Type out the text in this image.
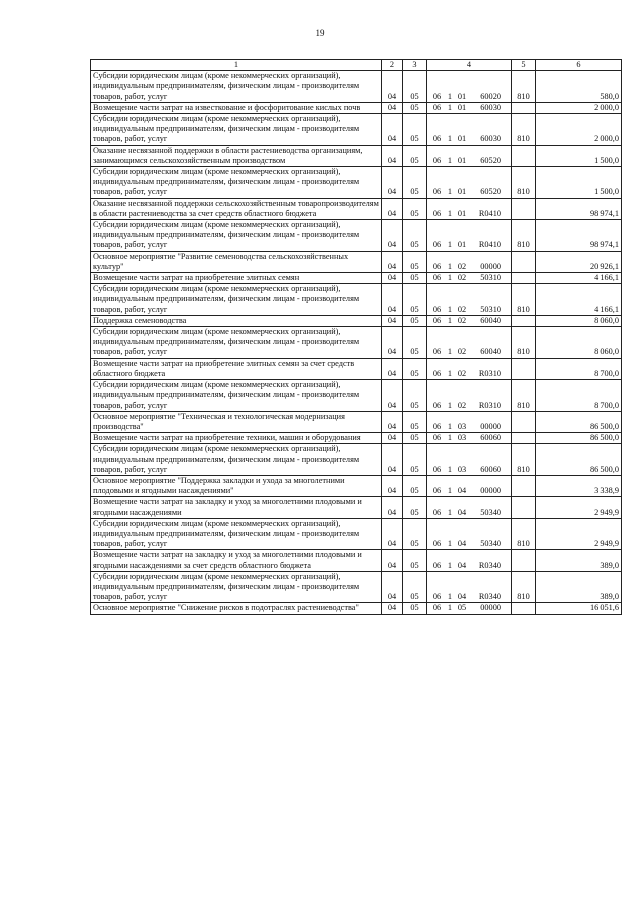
19
1	2	3	4	5	6
Субсидии юридическим лицам (кроме некоммерческих организаций), индивидуальным предпринимателям, физическим лицам - производителям товаров, работ, услуг	04	05	06 1 01 60020	810	580,0
Возмещение части затрат на известкование и фосфоритование кислых почв	04	05	06 1 01 60030		2 000,0
Субсидии юридическим лицам (кроме некоммерческих организаций), индивидуальным предпринимателям, физическим лицам - производителям товаров, работ, услуг	04	05	06 1 01 60030	810	2 000,0
Оказание несвязанной поддержки в области растениеводства организациям, занимающимся сельскохозяйственным производством	04	05	06 1 01 60520		1 500,0
Субсидии юридическим лицам (кроме некоммерческих организаций), индивидуальным предпринимателям, физическим лицам - производителям товаров, работ, услуг	04	05	06 1 01 60520	810	1 500,0
Оказание несвязанной поддержки сельскохозяйственным товаропроизводителям в области растениеводства за счет средств областного бюджета	04	05	06 1 01 R0410		98 974,1
Субсидии юридическим лицам (кроме некоммерческих организаций), индивидуальным предпринимателям, физическим лицам - производителям товаров, работ, услуг	04	05	06 1 01 R0410	810	98 974,1
Основное мероприятие "Развитие семеноводства сельскохозяйственных культур"	04	05	06 1 02 00000		20 926,1
Возмещение части затрат на приобретение элитных семян	04	05	06 1 02 50310		4 166,1
Субсидии юридическим лицам (кроме некоммерческих организаций), индивидуальным предпринимателям, физическим лицам - производителям товаров, работ, услуг	04	05	06 1 02 50310	810	4 166,1
Поддержка семеноводства	04	05	06 1 02 60040		8 060,0
Субсидии юридическим лицам (кроме некоммерческих организаций), индивидуальным предпринимателям, физическим лицам - производителям товаров, работ, услуг	04	05	06 1 02 60040	810	8 060,0
Возмещение части затрат на приобретение элитных семян за счет средств областного бюджета	04	05	06 1 02 R0310		8 700,0
Субсидии юридическим лицам (кроме некоммерческих организаций), индивидуальным предпринимателям, физическим лицам - производителям товаров, работ, услуг	04	05	06 1 02 R0310	810	8 700,0
Основное мероприятие "Техническая и технологическая модернизация производства"	04	05	06 1 03 00000		86 500,0
Возмещение части затрат на приобретение техники, машин и оборудования	04	05	06 1 03 60060		86 500,0
Субсидии юридическим лицам (кроме некоммерческих организаций), индивидуальным предпринимателям, физическим лицам - производителям товаров, работ, услуг	04	05	06 1 03 60060	810	86 500,0
Основное мероприятие "Поддержка закладки и ухода за многолетними плодовыми и ягодными насаждениями"	04	05	06 1 04 00000		3 338,9
Возмещение части затрат на закладку и уход за многолетними плодовыми и ягодными насаждениями	04	05	06 1 04 50340		2 949,9
Субсидии юридическим лицам (кроме некоммерческих организаций), индивидуальным предпринимателям, физическим лицам - производителям товаров, работ, услуг	04	05	06 1 04 50340	810	2 949,9
Возмещение части затрат на закладку и уход за многолетними плодовыми и ягодными насаждениями за счет средств областного бюджета	04	05	06 1 04 R0340		389,0
Субсидии юридическим лицам (кроме некоммерческих организаций), индивидуальным предпринимателям, физическим лицам - производителям товаров, работ, услуг	04	05	06 1 04 R0340	810	389,0
Основное мероприятие "Снижение рисков в подотраслях растениеводства"	04	05	06 1 05 00000		16 051,6
